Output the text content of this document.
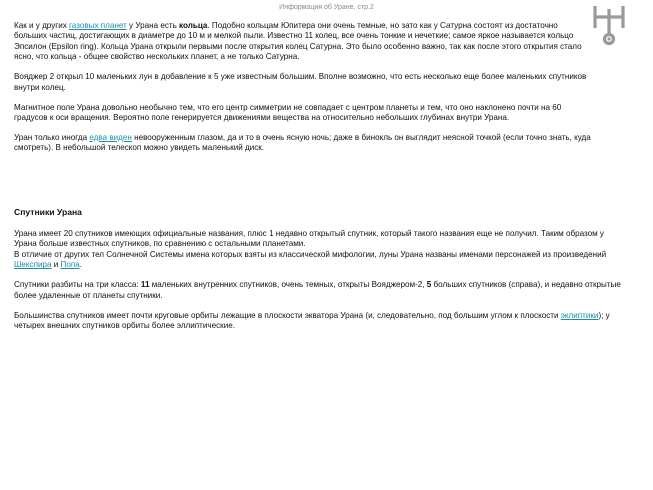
Информация об Уране, стр.2

Как и у других газовых планет у Урана есть кольца. Подобно кольцам Юпитера они очень темные, но зато как у Сатурна состоят из достаточно больших частиц, достигающих в диаметре до 10 м и мелкой пыли. Известно 11 колец, все очень тонкие и нечеткие; самое яркое называется кольцо Эпсилон (Epsilon ring). Кольца Урана открыли первыми после открытия колец Сатурна. Это было особенно важно, так как после этого открытия стало ясно, что кольца - общее свойство нескольких планет, а не только Сатурна.

Вояджер 2 открыл 10 маленьких лун в добавление к 5 уже известным большим. Вполне возможно, что есть несколько еще более маленьких спутников внутри колец.

Магнитное поле Урана довольно необычно тем, что его центр симметрии не совпадает с центром планеты и тем, что оно наклонено почти на 60 градусов к оси вращения. Вероятно поле генерируется движениями вещества на относительно небольших глубинах внутри Урана.

Уран только иногда едва виден невооруженным глазом, да и то в очень ясную ночь; даже в бинокль он выглядит неясной точкой (если точно знать, куда смотреть). В небольшой телескоп можно увидеть маленький диск.

Спутники Урана

Урана имеет 20 спутников имеющих официальные названия, плюс 1 недавно открытый спутник, который такого названия еще не получил. Таким образом у Урана больше известных спутников, по сравнению с остальными планетами.
В отличие от других тел Солнечной Системы имена которых взяты из классической мифологии, луны Урана названы именами персонажей из произведений Шекспира и Попа.

Спутники разбиты на три класса: 11 маленьких внутренних спутников, очень темных, открыты Вояджером-2, 5 больших спутников (справа), и недавно открытые более удаленные от планеты спутники.

Большинства спутников имеет почти круговые орбиты лежащие в плоскости экватора Урана (и, следовательно, под большим углом к плоскости эклиптики); у четырех внешних спутников орбиты более эллиптические.
